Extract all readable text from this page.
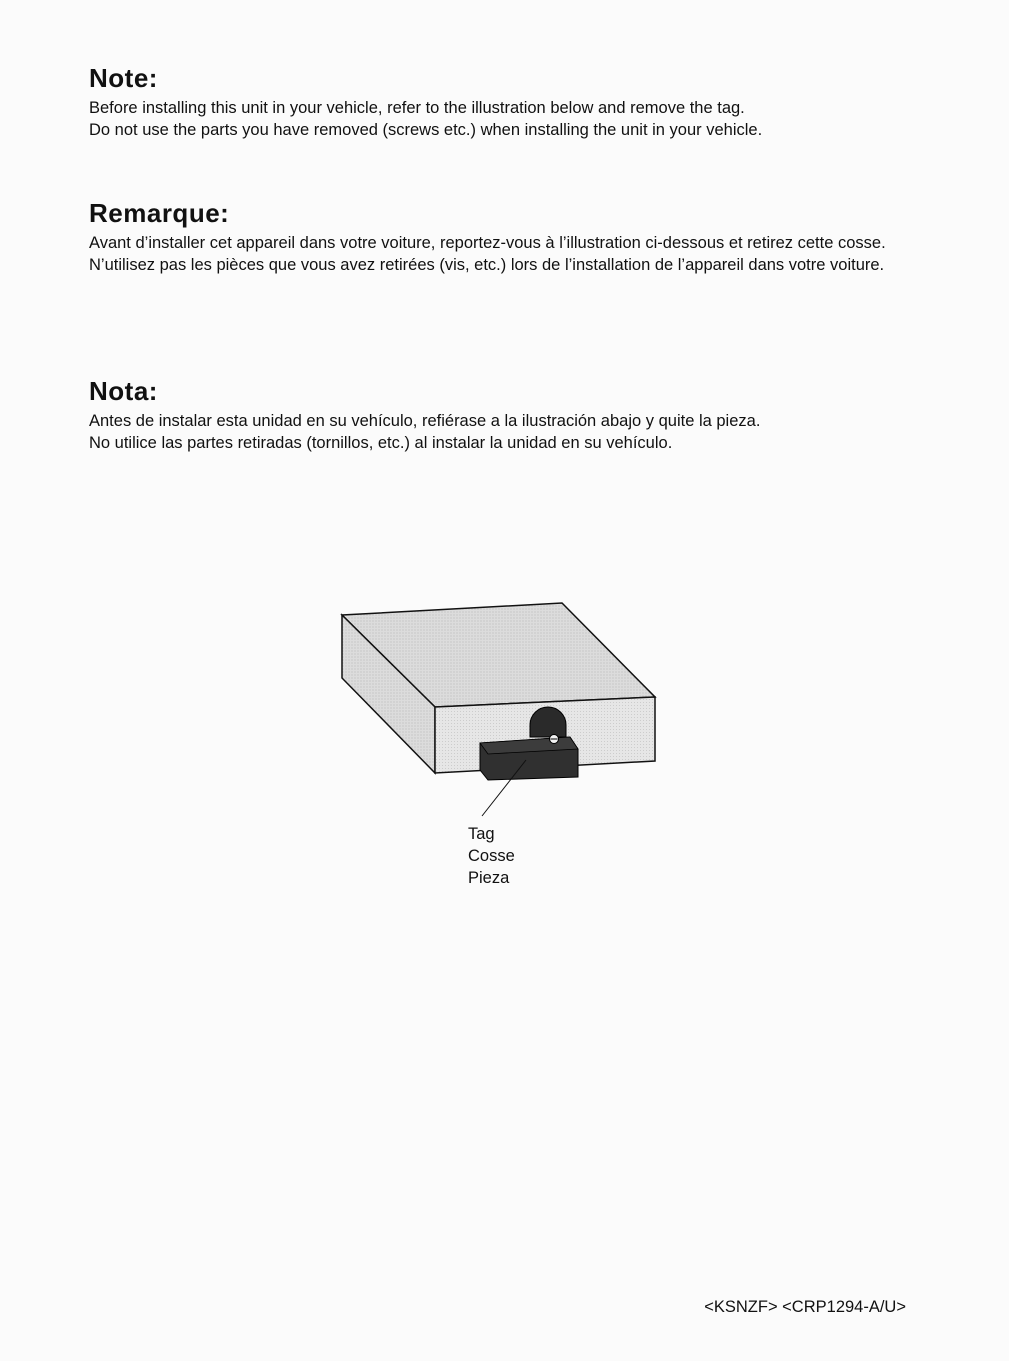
Note:

Before installing this unit in your vehicle, refer to the illustration below and remove the tag.

Do not use the parts you have removed (screws etc.) when installing the unit in your vehicle.

Remarque:

Avant d’installer cet appareil dans votre voiture, reportez-vous à l’illustration ci-dessous et retirez cette cosse.

N’utilisez pas les pièces que vous avez retirées (vis, etc.) lors de l’installation de l’appareil dans votre voiture.

Nota:

Antes de instalar esta unidad en su vehículo, refiérase a la ilustración abajo y quite la pieza.

No utilice las partes retiradas (tornillos, etc.) al instalar la unidad en su vehículo.

Tag
Cosse
Pieza
<KSNZF> <CRP1294-A/U>
